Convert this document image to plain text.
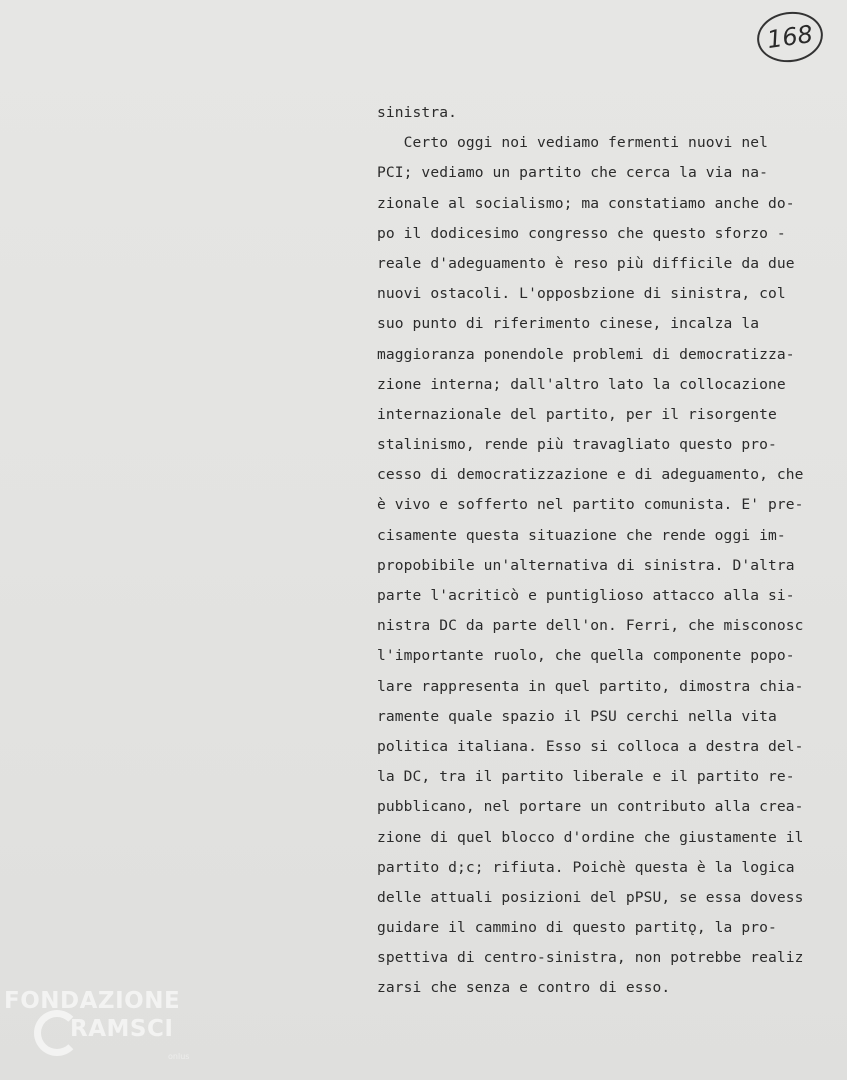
168
sinistra.
Certo oggi noi vediamo fermenti nuovi nel
PCI; vediamo un partito che cerca la via na-
zionale al socialismo; ma constatiamo anche do-
po il dodicesimo congresso che questo sforzo -
reale d'adeguamento è reso più difficile da due
nuovi ostacoli. L'opposbzione di sinistra, col
suo punto di riferimento cinese, incalza la
maggioranza ponendole problemi di democratizza-
zione interna; dall'altro lato la collocazione
internazionale del partito, per il risorgente
stalinismo, rende più travagliato questo pro-
cesso di democratizzazione e di adeguamento, che
è vivo e sofferto nel partito comunista. E' pre-
cisamente questa situazione che rende oggi im-
propobibile un'alternativa di sinistra. D'altra
parte l'acriticò e puntiglioso attacco alla si-
nistra DC da parte dell'on. Ferri, che misconosc
l'importante ruolo, che quella componente popo-
lare rappresenta in quel partito, dimostra chia-
ramente quale spazio il PSU cerchi nella vita
politica italiana. Esso si colloca a destra del-
la DC, tra il partito liberale e il partito re-
pubblicano, nel portare un contributo alla crea-
zione di quel blocco d'ordine che giustamente il
partito d;c; rifiuta. Poichè questa è la logica
delle attuali posizioni del pPSU, se essa dovess
guidare il cammino di questo partitǫ, la pro-
spettiva di centro-sinistra, non potrebbe realiz
zarsi che senza e contro di esso.
FONDAZIONE
RAMSCI
onlus
